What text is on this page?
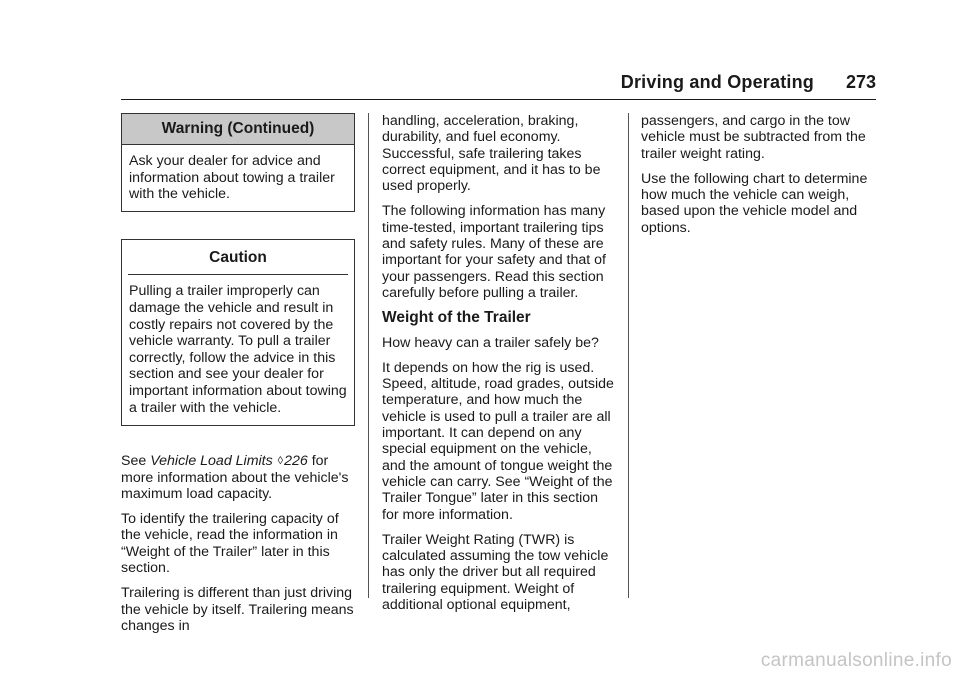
Driving and Operating 273
Warning (Continued)
Ask your dealer for advice and information about towing a trailer with the vehicle.
Caution
Pulling a trailer improperly can damage the vehicle and result in costly repairs not covered by the vehicle warranty. To pull a trailer correctly, follow the advice in this section and see your dealer for important information about towing a trailer with the vehicle.

See Vehicle Load Limits ◊226 for more information about the vehicle's maximum load capacity.

To identify the trailering capacity of the vehicle, read the information in “Weight of the Trailer” later in this section.

Trailering is different than just driving the vehicle by itself. Trailering means changes in

handling, acceleration, braking, durability, and fuel economy. Successful, safe trailering takes correct equipment, and it has to be used properly.

The following information has many time-tested, important trailering tips and safety rules. Many of these are important for your safety and that of your passengers. Read this section carefully before pulling a trailer.

Weight of the Trailer

How heavy can a trailer safely be?

It depends on how the rig is used. Speed, altitude, road grades, outside temperature, and how much the vehicle is used to pull a trailer are all important. It can depend on any special equipment on the vehicle, and the amount of tongue weight the vehicle can carry. See “Weight of the Trailer Tongue” later in this section for more information.

Trailer Weight Rating (TWR) is calculated assuming the tow vehicle has only the driver but all required trailering equipment. Weight of additional optional equipment,

passengers, and cargo in the tow vehicle must be subtracted from the trailer weight rating.

Use the following chart to determine how much the vehicle can weigh, based upon the vehicle model and options.

carmanualsonline.info
